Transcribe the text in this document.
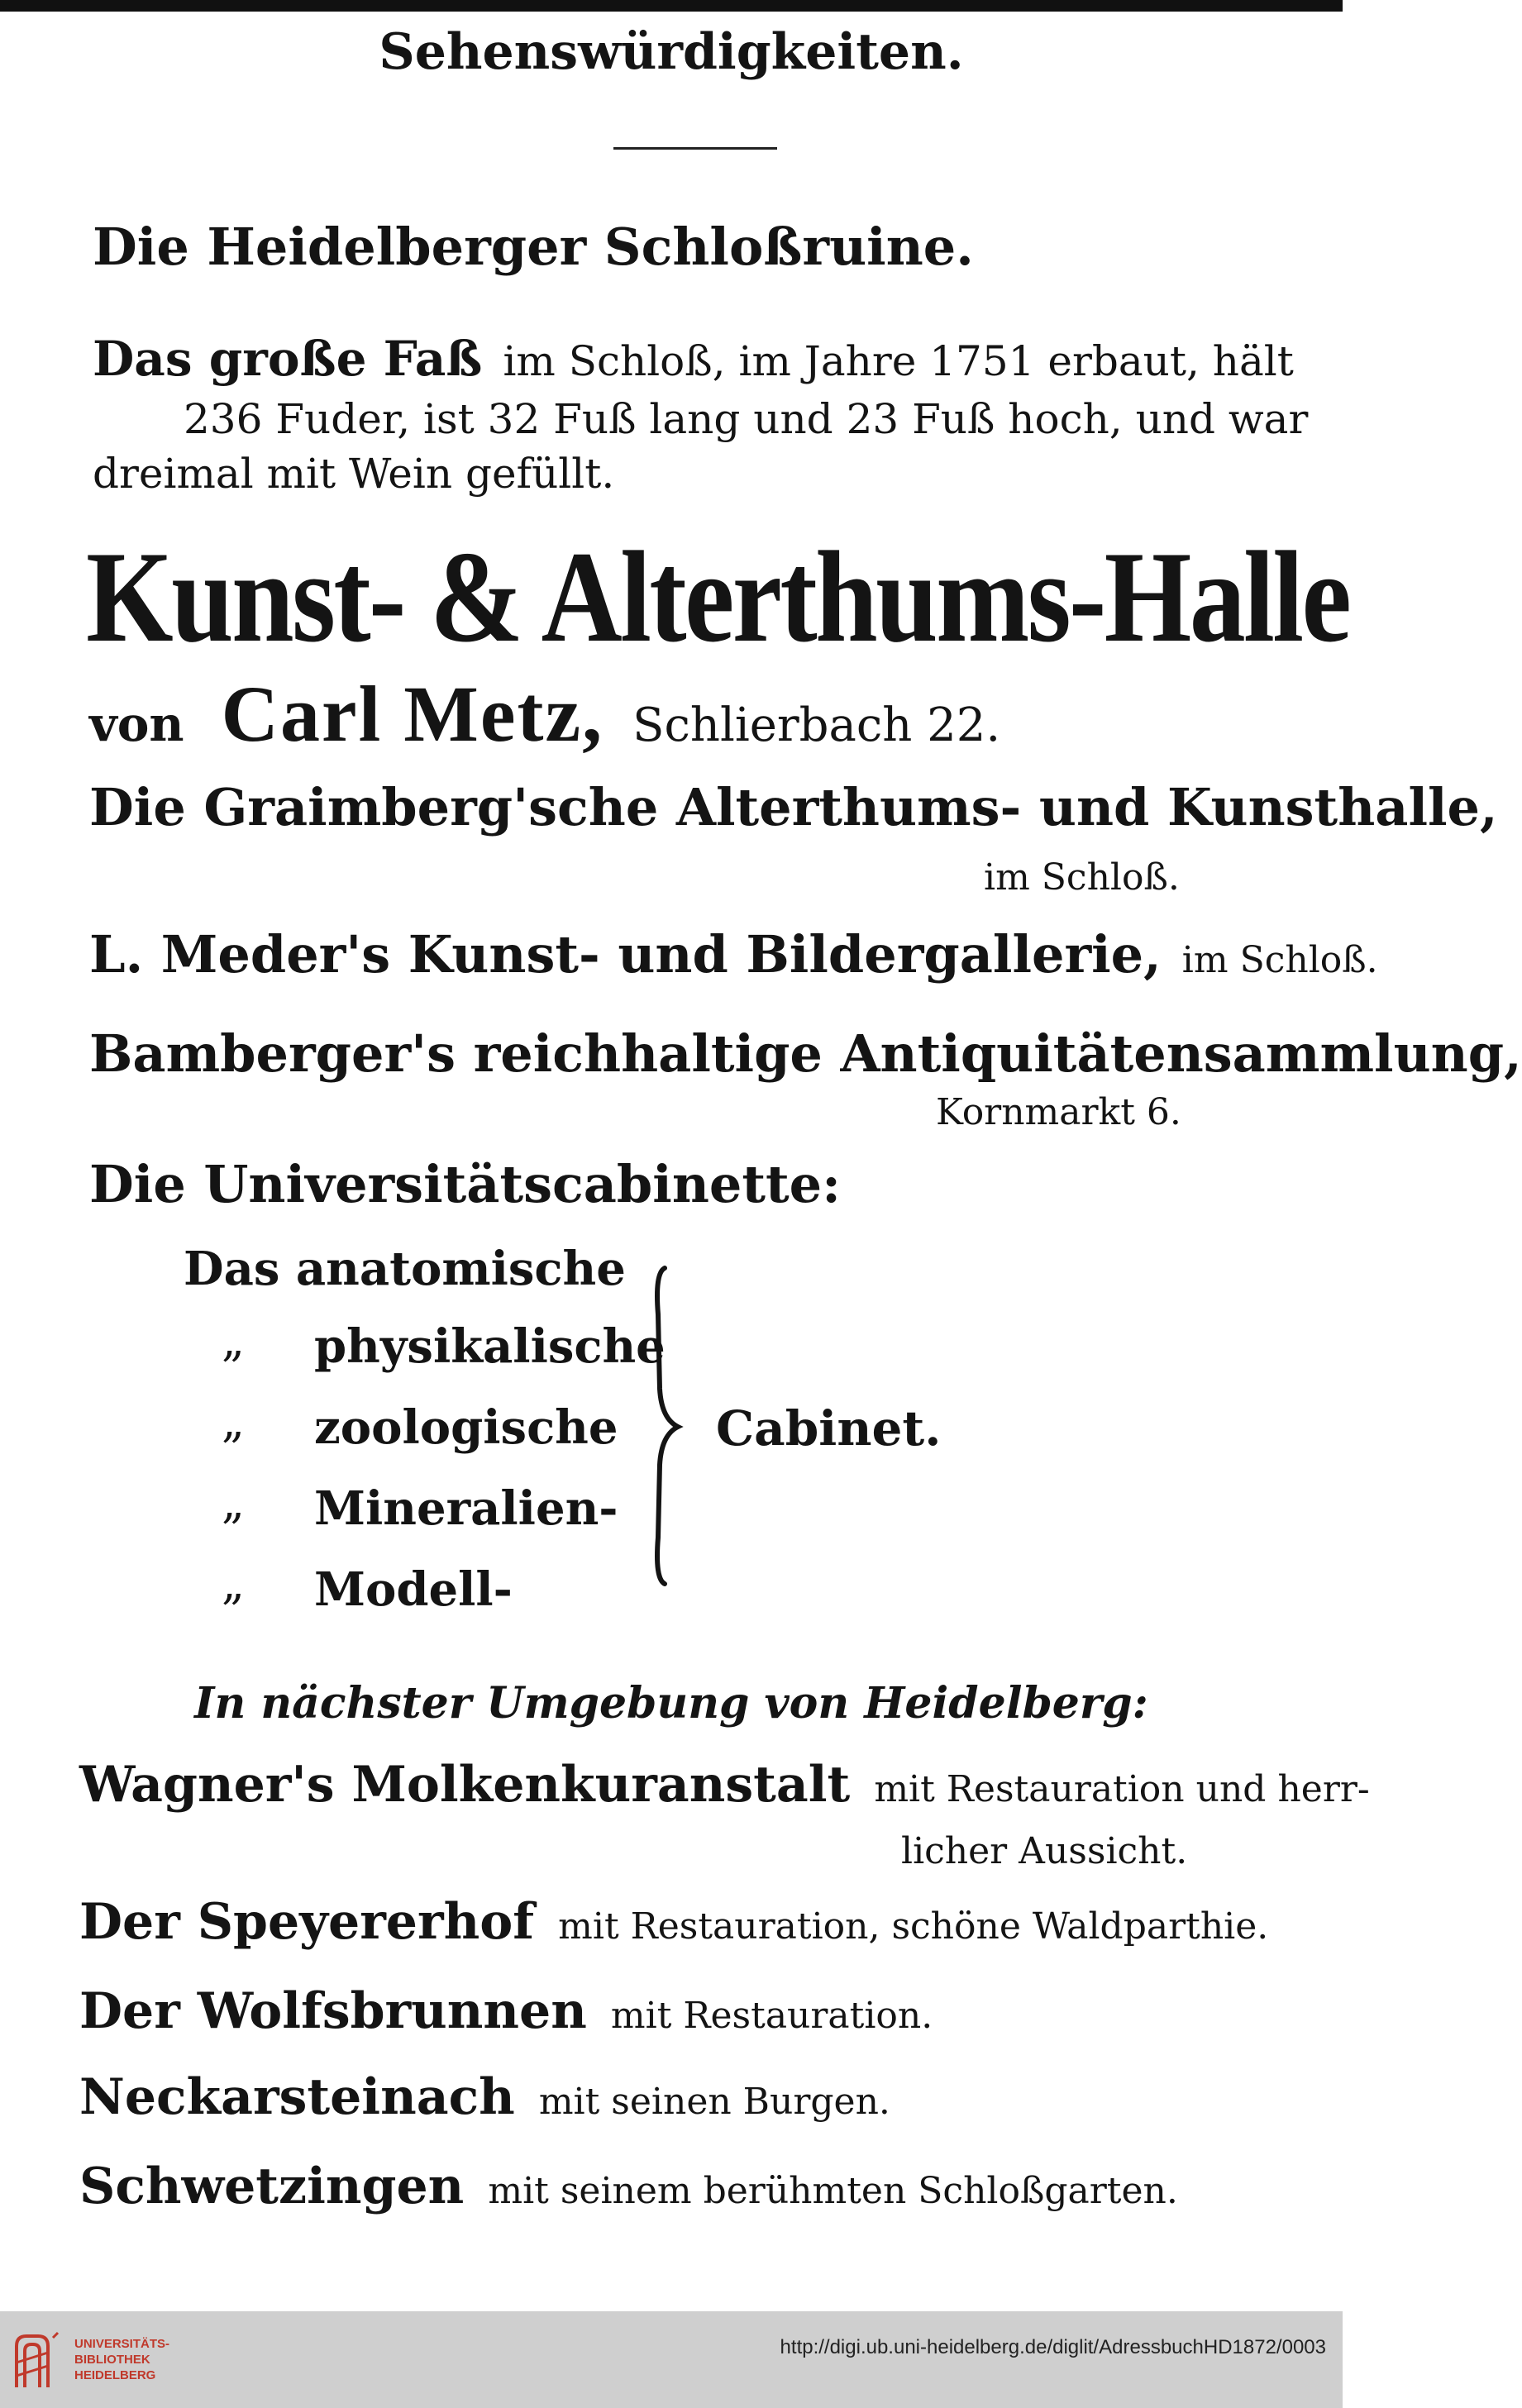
Sehenswürdigkeiten.
Die Heidelberger Schloßruine.
Das große Faß im Schloß, im Jahre 1751 erbaut, hält
236 Fuder, ist 32 Fuß lang und 23 Fuß hoch, und war
dreimal mit Wein gefüllt.
Kunst- & Alterthums-Halle
von Carl Metz, Schlierbach 22.
Die Graimberg'sche Alterthums- und Kunsthalle,
im Schloß.
L. Meder's Kunst- und Bildergallerie, im Schloß.
Bamberger's reichhaltige Antiquitätensammlung,
Kornmarkt 6.
Die Universitätscabinette:
Das anatomische
„ physikalische
„ zoologische
„ Mineralien-
„ Modell-
Cabinet.
In nächster Umgebung von Heidelberg:
Wagner's Molkenkuranstalt mit Restauration und herr-
licher Aussicht.
Der Speyererhof mit Restauration, schöne Waldparthie.
Der Wolfsbrunnen mit Restauration.
Neckarsteinach mit seinen Burgen.
Schwetzingen mit seinem berühmten Schloßgarten.
UNIVERSITÄTS-
BIBLIOTHEK
HEIDELBERG
http://digi.ub.uni-heidelberg.de/diglit/AdressbuchHD1872/0003
